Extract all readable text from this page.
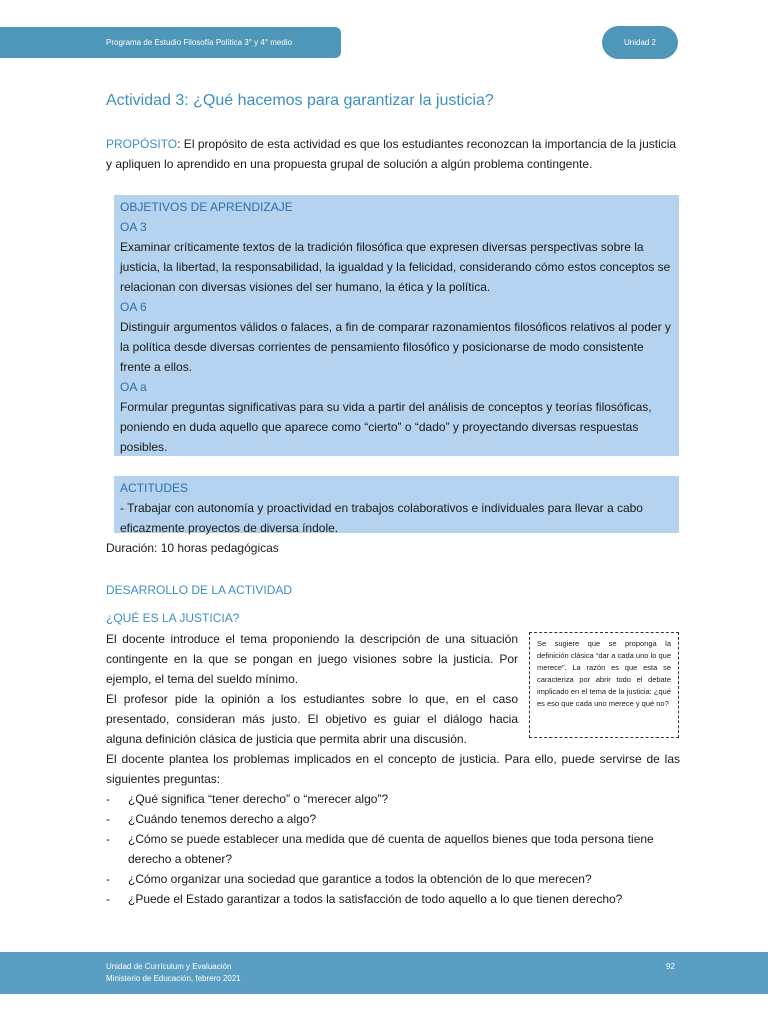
Programa de Estudio Filosofía Política 3° y 4° medio	Unidad 2
Actividad 3: ¿Qué hacemos para garantizar la justicia?
PROPÓSITO: El propósito de esta actividad es que los estudiantes reconozcan la importancia de la justicia y apliquen lo aprendido en una propuesta grupal de solución a algún problema contingente.
OBJETIVOS DE APRENDIZAJE
OA 3
Examinar críticamente textos de la tradición filosófica que expresen diversas perspectivas sobre la justicia, la libertad, la responsabilidad, la igualdad y la felicidad, considerando cómo estos conceptos se relacionan con diversas visiones del ser humano, la ética y la política.
OA 6
Distinguir argumentos válidos o falaces, a fin de comparar razonamientos filosóficos relativos al poder y la política desde diversas corrientes de pensamiento filosófico y posicionarse de modo consistente frente a ellos.
OA a
Formular preguntas significativas para su vida a partir del análisis de conceptos y teorías filosóficas, poniendo en duda aquello que aparece como “cierto” o “dado” y proyectando diversas respuestas posibles.
ACTITUDES
- Trabajar con autonomía y proactividad en trabajos colaborativos e individuales para llevar a cabo eficazmente proyectos de diversa índole.
Duración: 10 horas pedagógicas
DESARROLLO DE LA ACTIVIDAD
¿QUÉ ES LA JUSTICIA?
El docente introduce el tema proponiendo la descripción de una situación contingente en la que se pongan en juego visiones sobre la justicia. Por ejemplo, el tema del sueldo mínimo.
El profesor pide la opinión a los estudiantes sobre lo que, en el caso presentado, consideran más justo. El objetivo es guiar el diálogo hacia alguna definición clásica de justicia que permita abrir una discusión.
Se sugiere que se proponga la definición clásica “dar a cada uno lo que merece”. La razón es que esta se caracteriza por abrir todo el debate implicado en el tema de la justicia: ¿qué es eso que cada uno merece y qué no?
El docente plantea los problemas implicados en el concepto de justicia. Para ello, puede servirse de las siguientes preguntas:
- ¿Qué significa “tener derecho” o “merecer algo”?
- ¿Cuándo tenemos derecho a algo?
- ¿Cómo se puede establecer una medida que dé cuenta de aquellos bienes que toda persona tiene derecho a obtener?
- ¿Cómo organizar una sociedad que garantice a todos la obtención de lo que merecen?
- ¿Puede el Estado garantizar a todos la satisfacción de todo aquello a lo que tienen derecho?
Unidad de Currículum y Evaluación
Ministerio de Educación, febrero 2021
92
